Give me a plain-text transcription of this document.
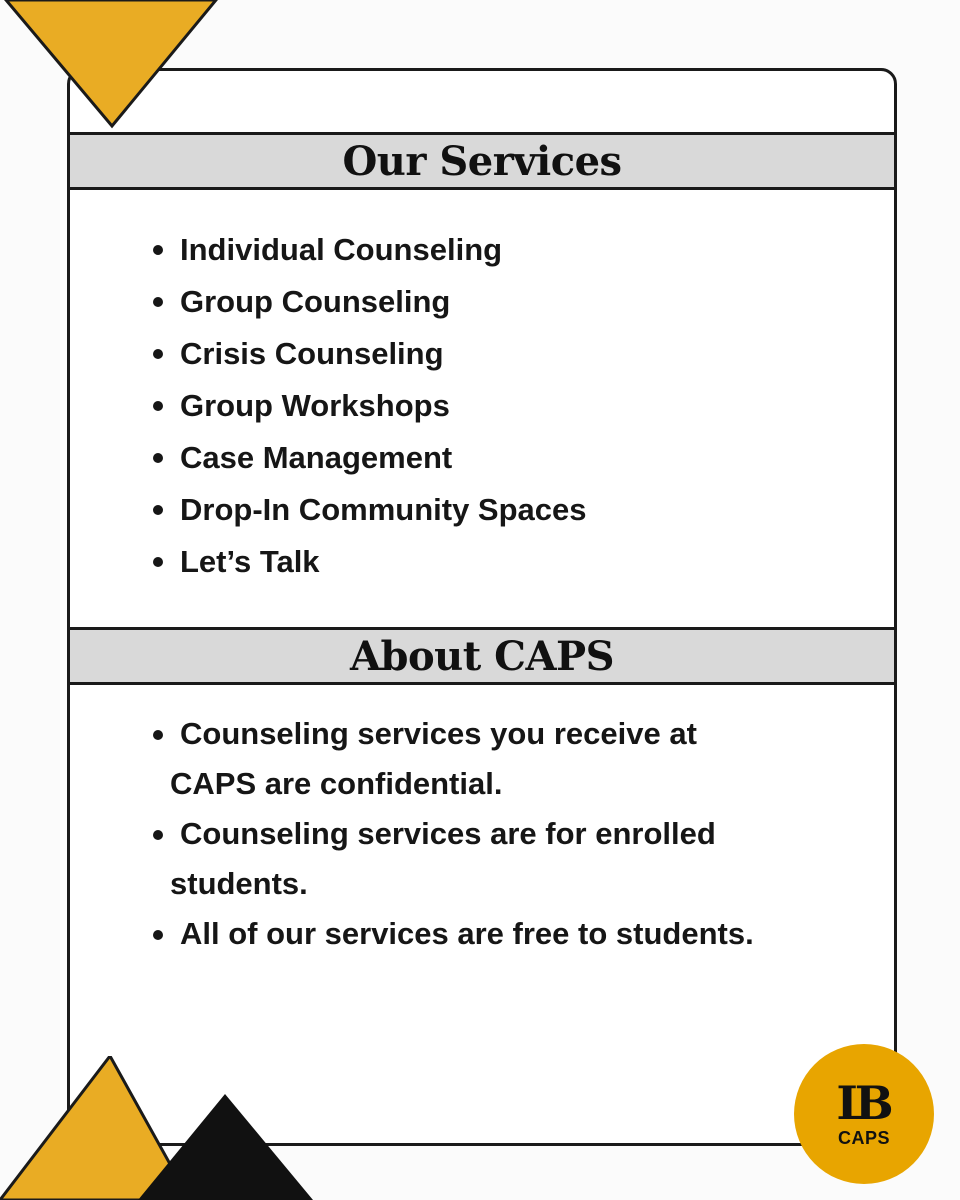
Our Services
Individual Counseling
Group Counseling
Crisis Counseling
Group Workshops
Case Management
Drop-In Community Spaces
Let’s Talk
About CAPS
Counseling services you receive at
CAPS are confidential.
Counseling services are for enrolled
students.
All of our services are free to students.
LB
CAPS
